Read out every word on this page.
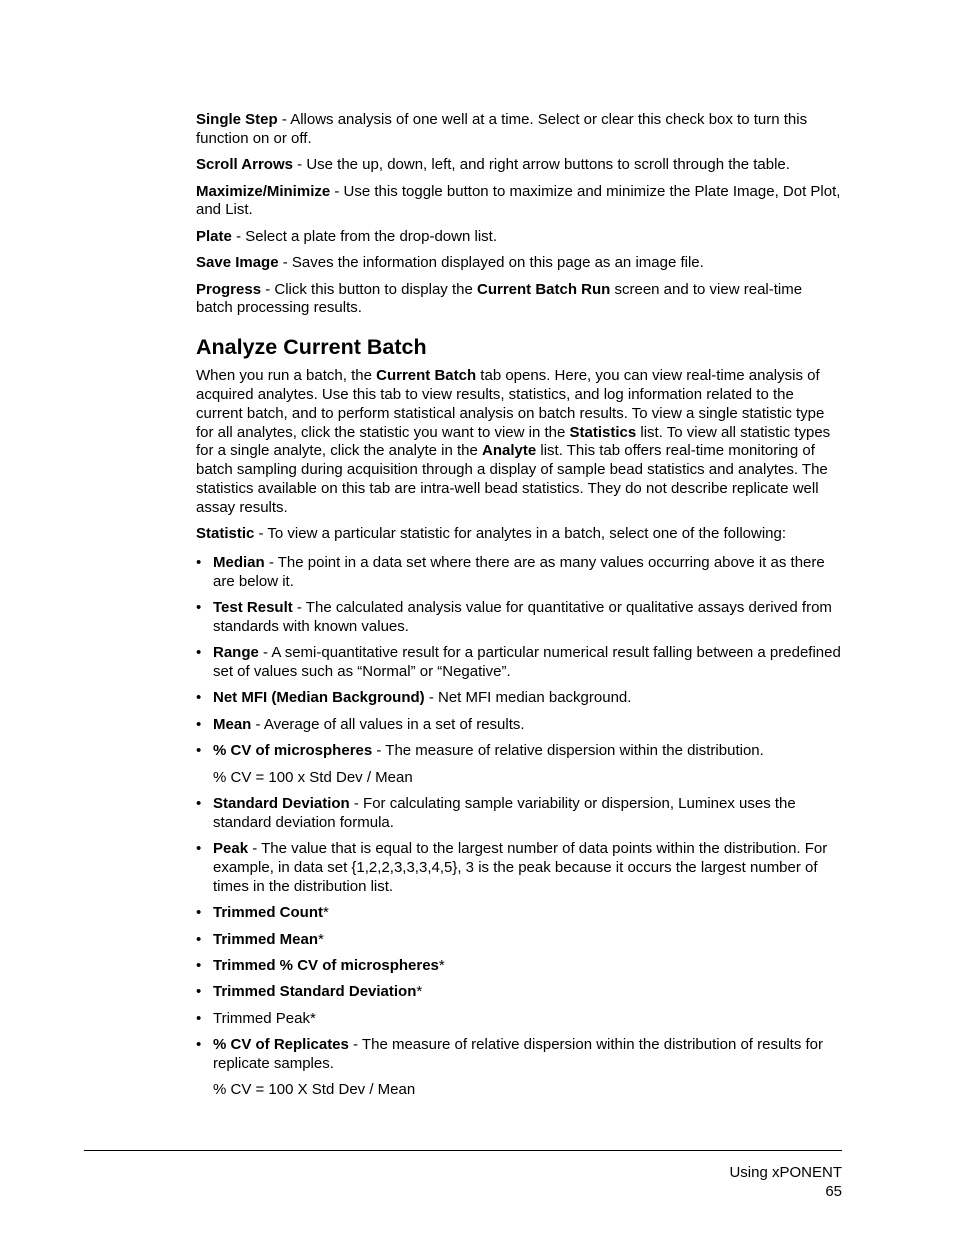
Single Step - Allows analysis of one well at a time. Select or clear this check box to turn this function on or off.

Scroll Arrows - Use the up, down, left, and right arrow buttons to scroll through the table.

Maximize/Minimize - Use this toggle button to maximize and minimize the Plate Image, Dot Plot, and List.

Plate - Select a plate from the drop-down list.

Save Image - Saves the information displayed on this page as an image file.

Progress - Click this button to display the Current Batch Run screen and to view real-time batch processing results.

Analyze Current Batch

When you run a batch, the Current Batch tab opens. Here, you can view real-time analysis of acquired analytes. Use this tab to view results, statistics, and log information related to the current batch, and to perform statistical analysis on batch results. To view a single statistic type for all analytes, click the statistic you want to view in the Statistics list. To view all statistic types for a single analyte, click the analyte in the Analyte list. This tab offers real-time monitoring of batch sampling during acquisition through a display of sample bead statistics and analytes. The statistics available on this tab are intra-well bead statistics. They do not describe replicate well assay results.

Statistic - To view a particular statistic for analytes in a batch, select one of the following:

• Median - The point in a data set where there are as many values occurring above it as there are below it.
• Test Result - The calculated analysis value for quantitative or qualitative assays derived from standards with known values.
• Range - A semi-quantitative result for a particular numerical result falling between a predefined set of values such as “Normal” or “Negative”.
• Net MFI (Median Background) - Net MFI median background.
• Mean - Average of all values in a set of results.
• % CV of microspheres - The measure of relative dispersion within the distribution.

% CV = 100 x Std Dev / Mean

• Standard Deviation - For calculating sample variability or dispersion, Luminex uses the standard deviation formula.
• Peak - The value that is equal to the largest number of data points within the distribution. For example, in data set {1,2,2,3,3,3,4,5}, 3 is the peak because it occurs the largest number of times in the distribution list.
• Trimmed Count*
• Trimmed Mean*
• Trimmed % CV of microspheres*
• Trimmed Standard Deviation*
• Trimmed Peak*
• % CV of Replicates - The measure of relative dispersion within the distribution of results for replicate samples.

% CV = 100 X Std Dev / Mean

Using xPONENT
65
